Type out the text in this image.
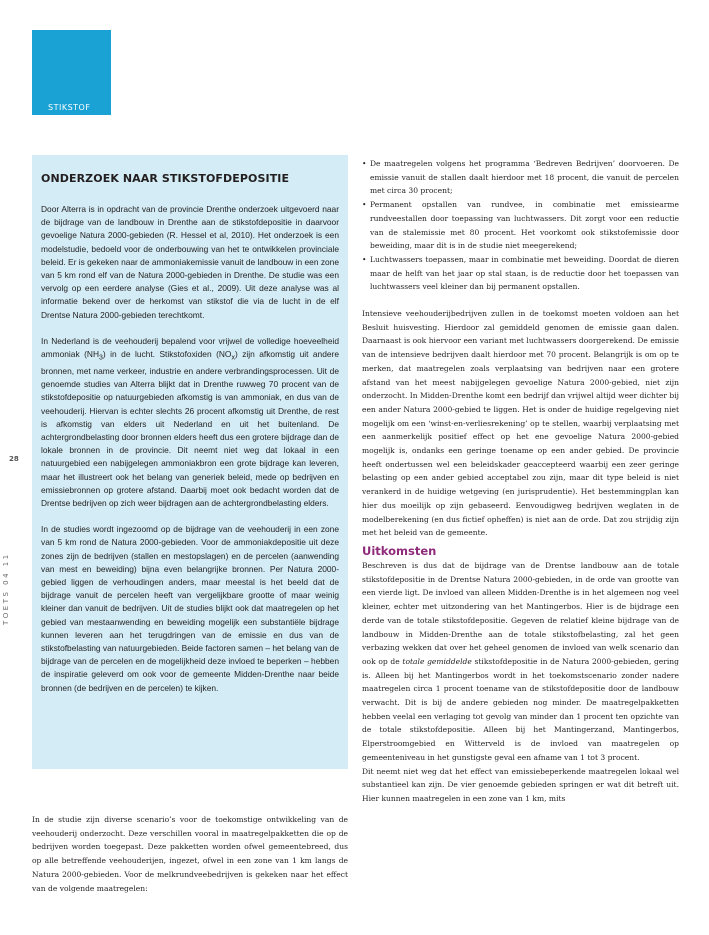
STIKSTOF
28
TOETS 04 11
ONDERZOEK NAAR STIKSTOFDEPOSITIE

Door Alterra is in opdracht van de provincie Drenthe onderzoek uitgevoerd naar de bijdrage van de landbouw in Drenthe aan de stikstofdepositie in daarvoor gevoelige Natura 2000-gebieden (R. Hessel et al, 2010). Het onderzoek is een modelstudie, bedoeld voor de onderbouwing van het te ontwikkelen provinciale beleid. Er is gekeken naar de ammoniakemissie vanuit de landbouw in een zone van 5 km rond elf van de Natura 2000-gebieden in Drenthe. De studie was een vervolg op een eerdere analyse (Gies et al., 2009). Uit deze analyse was al informatie bekend over de herkomst van stikstof die via de lucht in de elf Drentse Natura 2000-gebieden terechtkomt.

In Nederland is de veehouderij bepalend voor vrijwel de volledige hoeveelheid ammoniak $(NH_3)$ in de lucht. Stikstofoxiden $(NO_x)$ zijn afkomstig uit andere bronnen, met name verkeer, industrie en andere verbrandingsprocessen. Uit de genoemde studies van Alterra blijkt dat in Drenthe ruwweg 70 procent van de stikstofdepositie op natuurgebieden afkomstig is van ammoniak, en dus van de veehouderij. Hiervan is echter slechts 26 procent afkomstig uit Drenthe, de rest is afkomstig van elders uit Nederland en uit het buitenland. De achtergrondbelasting door bronnen elders heeft dus een grotere bijdrage dan de lokale bronnen in de provincie. Dit neemt niet weg dat lokaal in een natuurgebied een nabijgelegen ammoniakbron een grote bijdrage kan leveren, maar het illustreert ook het belang van generiek beleid, mede op bedrijven en emissiebronnen op grotere afstand. Daarbij moet ook bedacht worden dat de Drentse bedrijven op zich weer bijdragen aan de achtergrondbelasting elders.

In de studies wordt ingezoomd op de bijdrage van de veehouderij in een zone van 5 km rond de Natura 2000-gebieden. Voor de ammoniakdepositie uit deze zones zijn de bedrijven (stallen en mestopslagen) en de percelen (aanwending van mest en beweiding) bijna even belangrijke bronnen. Per Natura 2000-gebied liggen de verhoudingen anders, maar meestal is het beeld dat de bijdrage vanuit de percelen heeft van vergelijkbare grootte of maar weinig kleiner dan vanuit de bedrijven. Uit de studies blijkt ook dat maatregelen op het gebied van mestaanwending en beweiding mogelijk een substantiële bijdrage kunnen leveren aan het terugdringen van de emissie en dus van de stikstofbelasting van natuurgebieden. Beide factoren samen – het belang van de bijdrage van de percelen en de mogelijkheid deze invloed te beperken – hebben de inspiratie geleverd om ook voor de gemeente Midden-Drenthe naar beide bronnen (de bedrijven en de percelen) te kijken.

In de studie zijn diverse scenario’s voor de toekomstige ontwikkeling van de veehouderij onderzocht. Deze verschillen vooral in maatregelpakketten die op de bedrijven worden toegepast. Deze pakketten worden ofwel gemeentebreed, dus op alle betreffende veehouderijen, ingezet, ofwel in een zone van 1 km langs de Natura 2000-gebieden. Voor de melkrundveebedrijven is gekeken naar het effect van de volgende maatregelen:

• De maatregelen volgens het programma ‘Bedreven Bedrijven’ doorvoeren. De emissie vanuit de stallen daalt hierdoor met 18 procent, die vanuit de percelen met circa 30 procent;
• Permanent opstallen van rundvee, in combinatie met emissiearme rundveestallen door toepassing van luchtwassers. Dit zorgt voor een reductie van de stalemissie met 80 procent. Het voorkomt ook stikstofemissie door beweiding, maar dit is in de studie niet meegerekend;
• Luchtwassers toepassen, maar in combinatie met beweiding. Doordat de dieren maar de helft van het jaar op stal staan, is de reductie door het toepassen van luchtwassers veel kleiner dan bij permanent opstallen.

Intensieve veehouderijbedrijven zullen in de toekomst moeten voldoen aan het Besluit huisvesting. Hierdoor zal gemiddeld genomen de emissie gaan dalen. Daarnaast is ook hiervoor een variant met luchtwassers doorgerekend. De emissie van de intensieve bedrijven daalt hierdoor met 70 procent. Belangrijk is om op te merken, dat maatregelen zoals verplaatsing van bedrijven naar een grotere afstand van het meest nabijgelegen gevoelige Natura 2000-gebied, niet zijn onderzocht. In Midden-Drenthe komt een bedrijf dan vrijwel altijd weer dichter bij een ander Natura 2000-gebied te liggen. Het is onder de huidige regelgeving niet mogelijk om een ‘winst-en-verliesrekening’ op te stellen, waarbij verplaatsing met een aanmerkelijk positief effect op het ene gevoelige Natura 2000-gebied mogelijk is, ondanks een geringe toename op een ander gebied. De provincie heeft ondertussen wel een beleidskader geaccepteerd waarbij een zeer geringe belasting op een ander gebied acceptabel zou zijn, maar dit type beleid is niet verankerd in de huidige wetgeving (en jurisprudentie). Het bestemmingplan kan hier dus moeilijk op zijn gebaseerd. Eenvoudigweg bedrijven weglaten in de modelberekening (en dus fictief opheffen) is niet aan de orde. Dat zou strijdig zijn met het beleid van de gemeente.

Uitkomsten

Beschreven is dus dat de bijdrage van de Drentse landbouw aan de totale stikstofdepositie in de Drentse Natura 2000-gebieden, in de orde van grootte van een vierde ligt. De invloed van alleen Midden-Drenthe is in het algemeen nog veel kleiner, echter met uitzondering van het Mantingerbos. Hier is de bijdrage een derde van de totale stikstofdepositie. Gegeven de relatief kleine bijdrage van de landbouw in Midden-Drenthe aan de totale stikstofbelasting, zal het geen verbazing wekken dat over het geheel genomen de invloed van welk scenario dan ook op de totale gemiddelde stikstofdepositie in de Natura 2000-gebieden, gering is. Alleen bij het Mantingerbos wordt in het toekomstscenario zonder nadere maatregelen circa 1 procent toename van de stikstofdepositie door de landbouw verwacht. Dit is bij de andere gebieden nog minder. De maatregelpakketten hebben veelal een verlaging tot gevolg van minder dan 1 procent ten opzichte van de totale stikstofdepositie. Alleen bij het Mantingerzand, Mantingerbos, Elperstroomgebied en Witterveld is de invloed van maatregelen op gemeenteniveau in het gunstigste geval een afname van 1 tot 3 procent.

Dit neemt niet weg dat het effect van emissiebeperkende maatregelen lokaal wel substantieel kan zijn. De vier genoemde gebieden springen er wat dit betreft uit. Hier kunnen maatregelen in een zone van 1 km, mits
